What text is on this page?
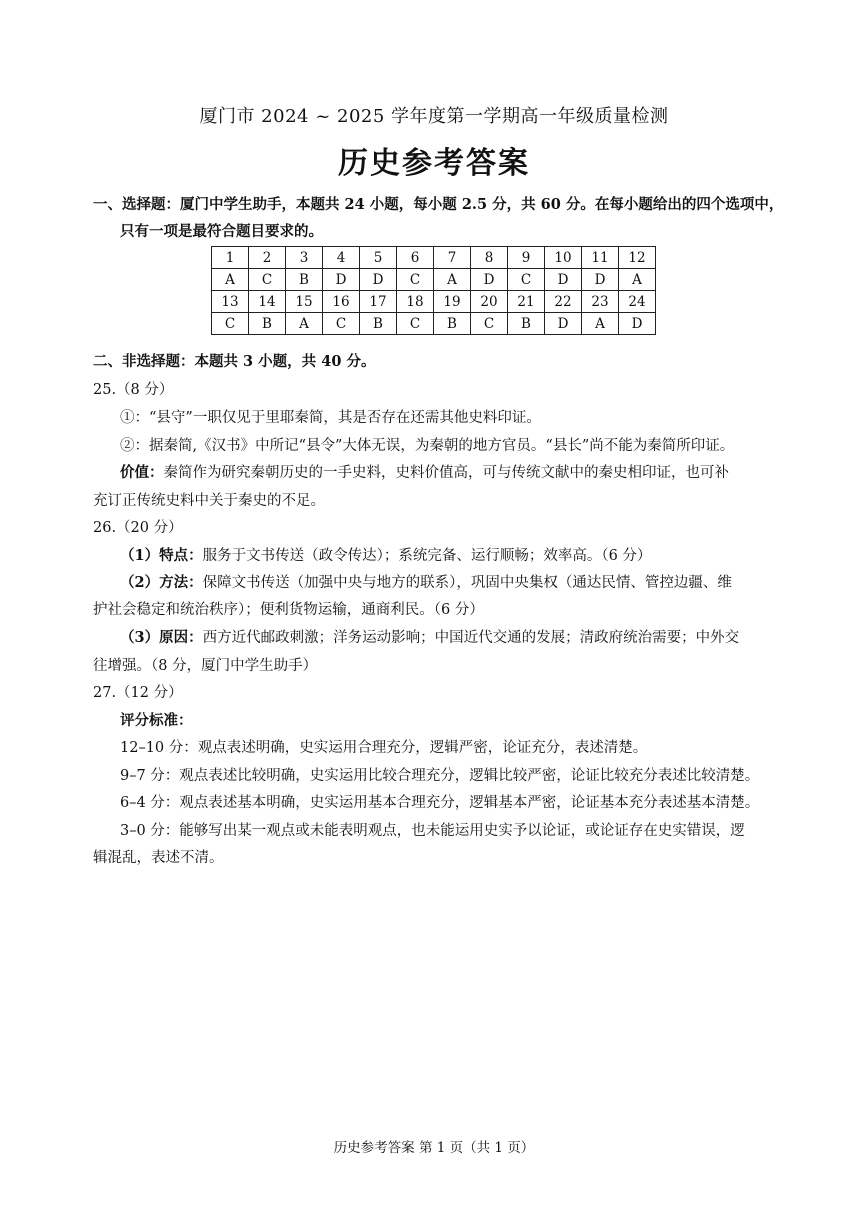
厦门市 2024 ~ 2025 学年度第一学期高一年级质量检测
历史参考答案
一、选择题：厦门中学生助手，本题共 24 小题，每小题 2.5 分，共 60 分。在每小题给出的四个选项中，
只有一项是最符合题目要求的。
1	2	3	4	5	6	7	8	9	10	11	12
A	C	B	D	D	C	A	D	C	D	D	A
13	14	15	16	17	18	19	20	21	22	23	24
C	B	A	C	B	C	B	C	B	D	A	D
二、非选择题：本题共 3 小题，共 40 分。
25.（8 分）
①：“县守”一职仅见于里耶秦简，其是否存在还需其他史料印证。
②：据秦简,《汉书》中所记“县令”大体无误，为秦朝的地方官员。“县长”尚不能为秦简所印证。
价值：秦简作为研究秦朝历史的一手史料，史料价值高，可与传统文献中的秦史相印证，也可补
充订正传统史料中关于秦史的不足。
26.（20 分）
（1）特点：服务于文书传送（政令传达）；系统完备、运行顺畅；效率高。（6 分）
（2）方法：保障文书传送（加强中央与地方的联系），巩固中央集权（通达民情、管控边疆、维
护社会稳定和统治秩序）；便利货物运输，通商利民。（6 分）
（3）原因：西方近代邮政刺激；洋务运动影响；中国近代交通的发展；清政府统治需要；中外交
往增强。（8 分，厦门中学生助手）
27.（12 分）
评分标准：
12–10 分：观点表述明确，史实运用合理充分，逻辑严密，论证充分，表述清楚。
9–7 分：观点表述比较明确，史实运用比较合理充分，逻辑比较严密，论证比较充分表述比较清楚。
6–4 分：观点表述基本明确，史实运用基本合理充分，逻辑基本严密，论证基本充分表述基本清楚。
3–0 分：能够写出某一观点或未能表明观点，也未能运用史实予以论证，或论证存在史实错误，逻
辑混乱，表述不清。
历史参考答案 第 1 页（共 1 页）
